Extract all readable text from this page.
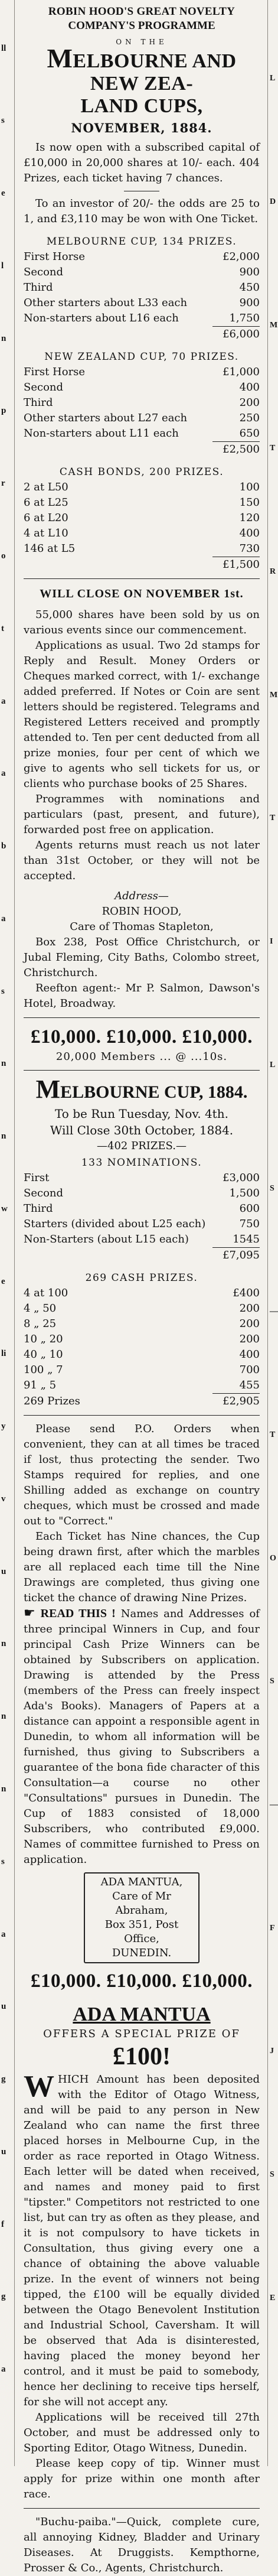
ll
s
e
l
n
p
r
o
t
a
a
b
a
s
n
n
w
e
li
y
v
u
n
n
n
s
a
u
g
u
f
g
a
L
D
M
T
R
M
T
I
L
S
—
T
O
S
—
F
J
S
E
ROBIN HOOD'S GREAT NOVELTY
COMPANY'S PROGRAMME
ON THE
MELBOURNE AND NEW ZEA-
LAND CUPS,
NOVEMBER, 1884.

Is now open with a subscribed capital of £10,000 in 20,000 shares at 10/- each. 404 Prizes, each ticket having 7 chances.

To an investor of 20/- the odds are 25 to 1, and £3,110 may be won with One Ticket.

MELBOURNE CUP, 134 PRIZES.
First Horse	£2,000
Second	900
Third	450
Other starters about L33 each	900
Non-starters about L16 each	1,750
£6,000
NEW ZEALAND CUP, 70 PRIZES.
First Horse	£1,000
Second	400
Third	200
Other starters about L27 each	250
Non-starters about L11 each	650
£2,500
CASH BONDS, 200 PRIZES.
2 at L50	100
6 at L25	150
6 at L20	120
4 at L10	400
146 at L5	730
£1,500
WILL CLOSE ON NOVEMBER 1st.

55,000 shares have been sold by us on various events since our commencement.

Applications as usual. Two 2d stamps for Reply and Result. Money Orders or Cheques marked correct, with 1/- exchange added preferred. If Notes or Coin are sent letters should be registered. Telegrams and Registered Letters received and promptly attended to. Ten per cent deducted from all prize monies, four per cent of which we give to agents who sell tickets for us, or clients who purchase books of 25 Shares.

Programmes with nominations and particulars (past, present, and future), forwarded post free on application.

Agents returns must reach us not later than 31st October, or they will not be accepted.

Address—
ROBIN HOOD,
Care of Thomas Stapleton,

Box 238, Post Office Christchurch, or Jubal Fleming, City Baths, Colombo street, Christchurch.

Reefton agent:- Mr P. Salmon, Dawson's Hotel, Broadway.

£10,000. £10,000. £10,000.
20,000 Members ... @ ...10s.
MELBOURNE CUP, 1884.
To be Run Tuesday, Nov. 4th.
Will Close 30th October, 1884.
—402 PRIZES.—
133 NOMINATIONS.
First	£3,000
Second	1,500
Third	600
Starters (divided about L25 each)	750
Non-Starters (about L15 each)	1545
£7,095
269 CASH PRIZES.
4 at 100	£400
4 „ 50	200
8 „ 25	200
10 „ 20	200
40 „ 10	400
100 „ 7	700
91 „ 5	455
269 Prizes	£2,905

Please send P.O. Orders when convenient, they can at all times be traced if lost, thus protecting the sender. Two Stamps required for replies, and one Shilling added as exchange on country cheques, which must be crossed and made out to "Correct."

Each Ticket has Nine chances, the Cup being drawn first, after which the marbles are all replaced each time till the Nine Drawings are completed, thus giving one ticket the chance of drawing Nine Prizes.

☛ READ THIS ! Names and Addresses of three principal Winners in Cup, and four principal Cash Prize Winners can be obtained by Subscribers on application. Drawing is attended by the Press (members of the Press can freely inspect Ada's Books). Managers of Papers at a distance can appoint a responsible agent in Dunedin, to whom all information will be furnished, thus giving to Subscribers a guarantee of the bona fide character of this Consultation—a course no other "Consultations" pursues in Dunedin. The Cup of 1883 consisted of 18,000 Subscribers, who contributed £9,000. Names of committee furnished to Press on application.

ADA MANTUA,
Care of Mr Abraham,
Box 351, Post Office,
DUNEDIN.
£10,000. £10,000. £10,000.
ADA MANTUA
OFFERS A SPECIAL PRIZE OF
£100!
WHICH Amount has been deposited with the Editor of Otago Witness, and will be paid to any person in New Zealand who can name the first three placed horses in Melbourne Cup, in the order as race reported in Otago Witness. Each letter will be dated when received, and names and money paid to first "tipster." Competitors not restricted to one list, but can try as often as they please, and it is not compulsory to have tickets in Consultation, thus giving every one a chance of obtaining the above valuable prize. In the event of winners not being tipped, the £100 will be equally divided between the Otago Benevolent Institution and Industrial School, Caversham. It will be observed that Ada is disinterested, having placed the money beyond her control, and it must be paid to somebody, hence her declining to receive tips herself, for she will not accept any.

Applications will be received till 27th October, and must be addressed only to Sporting Editor, Otago Witness, Dunedin.

Please keep copy of tip. Winner must apply for prize within one month after race.

"Buchu-paiba."—Quick, complete cure, all annoying Kidney, Bladder and Urinary Diseases. At Druggists. Kempthorne, Prosser & Co., Agents, Christchurch.
